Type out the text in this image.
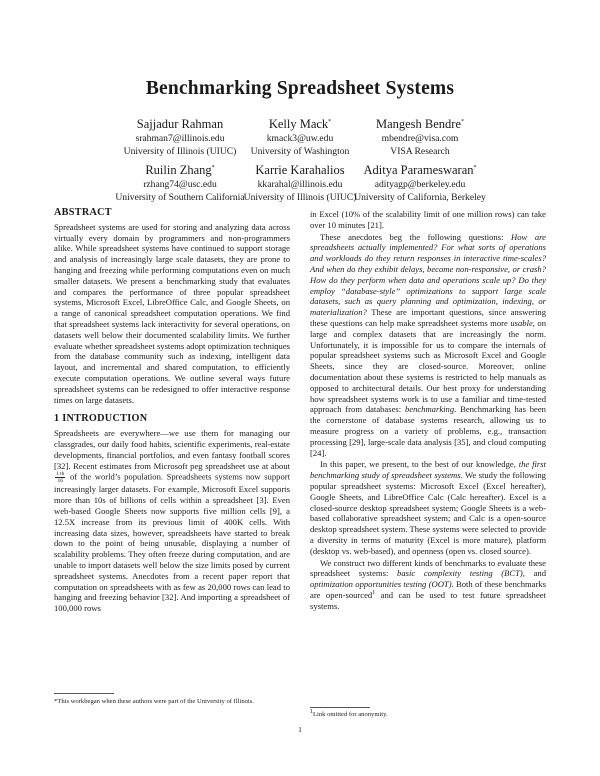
Benchmarking Spreadsheet Systems
Sajjadur Rahman
srahman7@illinois.edu
University of Illinois (UIUC)
Kelly Mack*
kmack3@uw.edu
University of Washington
Mangesh Bendre*
mbendre@visa.com
VISA Research
Ruilin Zhang*
rzhang74@usc.edu
University of Southern California
Karrie Karahalios
kkarahal@illinois.edu
University of Illinois (UIUC)
Aditya Parameswaran*
adityagp@berkeley.edu
University of California, Berkeley
ABSTRACT

Spreadsheet systems are used for storing and analyzing data across virtually every domain by programmers and non-programmers alike. While spreadsheet systems have continued to support storage and analysis of increasingly large scale datasets, they are prone to hanging and freezing while performing computations even on much smaller datasets. We present a benchmarking study that evaluates and compares the performance of three popular spreadsheet systems, Microsoft Excel, LibreOffice Calc, and Google Sheets, on a range of canonical spreadsheet computation operations. We find that spreadsheet systems lack interactivity for several operations, on datasets well below their documented scalability limits. We further evaluate whether spreadsheet systems adopt optimization techniques from the database community such as indexing, intelligent data layout, and incremental and shared computation, to efficiently execute computation operations. We outline several ways future spreadsheet systems can be redesigned to offer interactive response times on large datasets.

1 INTRODUCTION

Spreadsheets are everywhere—we use them for managing our classgrades, our daily food habits, scientific experiments, real-estate developments, financial portfolios, and even fantasy football scores [32]. Recent estimates from Microsoft peg spreadsheet use at about
$\frac{1 th}{16}$ of the world’s population. Spreadsheets systems now support increasingly larger datasets. For example, Microsoft Excel supports more than 10s of billions of cells within a spreadsheet [3]. Even web-based Google Sheets now supports five million cells [9], a 12.5X increase from its previous limit of 400K cells. With increasing data sizes, however, spreadsheets have started to break down to the point of being unusable, displaying a number of scalability problems. They often freeze during computation, and are unable to import datasets well below the size limits posed by current spreadsheet systems. Anecdotes from a recent paper report that computation on spreadsheets with as few as 20,000 rows can lead to hanging and freezing behavior [32]. And importing a spreadsheet of 100,000 rows

*This workbegan when these authors were part of the University of Illinois.

in Excel (10% of the scalability limit of one million rows) can take over 10 minutes [21].

These anecdotes beg the following questions: How are spreadsheets actually implemented? For what sorts of operations and workloads do they return responses in interactive time-scales? And when do they exhibit delays, become non-responsive, or crash? How do they perform when data and operations scale up? Do they employ “database-style” optimizations to support large scale datasets, such as query planning and optimization, indexing, or materialization? These are important questions, since answering these questions can help make spreadsheet systems more usable, on large and complex datasets that are increasingly the norm. Unfortunately, it is impossible for us to compare the internals of popular spreadsheet systems such as Microsoft Excel and Google Sheets, since they are closed-source. Moreover, online documentation about these systems is restricted to help manuals as opposed to architectural details. Our best proxy for understanding how spreadsheet systems work is to use a familiar and time-tested approach from databases: benchmarking. Benchmarking has been the cornerstone of database systems research, allowing us to measure progress on a variety of problems, e.g., transaction processing [29], large-scale data analysis [35], and cloud computing [24].

In this paper, we present, to the best of our knowledge, the first benchmarking study of spreadsheet systems. We study the following popular spreadsheet systems: Microsoft Excel (Excel hereafter), Google Sheets, and LibreOffice Calc (Calc hereafter). Excel is a closed-source desktop spreadsheet system; Google Sheets is a web-based collaborative spreadsheet system; and Calc is a open-source desktop spreadsheet system. These systems were selected to provide a diversity in terms of maturity (Excel is more mature), platform (desktop vs. web-based), and openness (open vs. closed source).

We construct two different kinds of benchmarks to evaluate these spreadsheet systems: basic complexity testing (BCT), and optimization opportunities testing (OOT). Both of these benchmarks are open-sourced$^1$ and can be used to test future spreadsheet systems.

$^1$Link omitted for anonymity.
1
